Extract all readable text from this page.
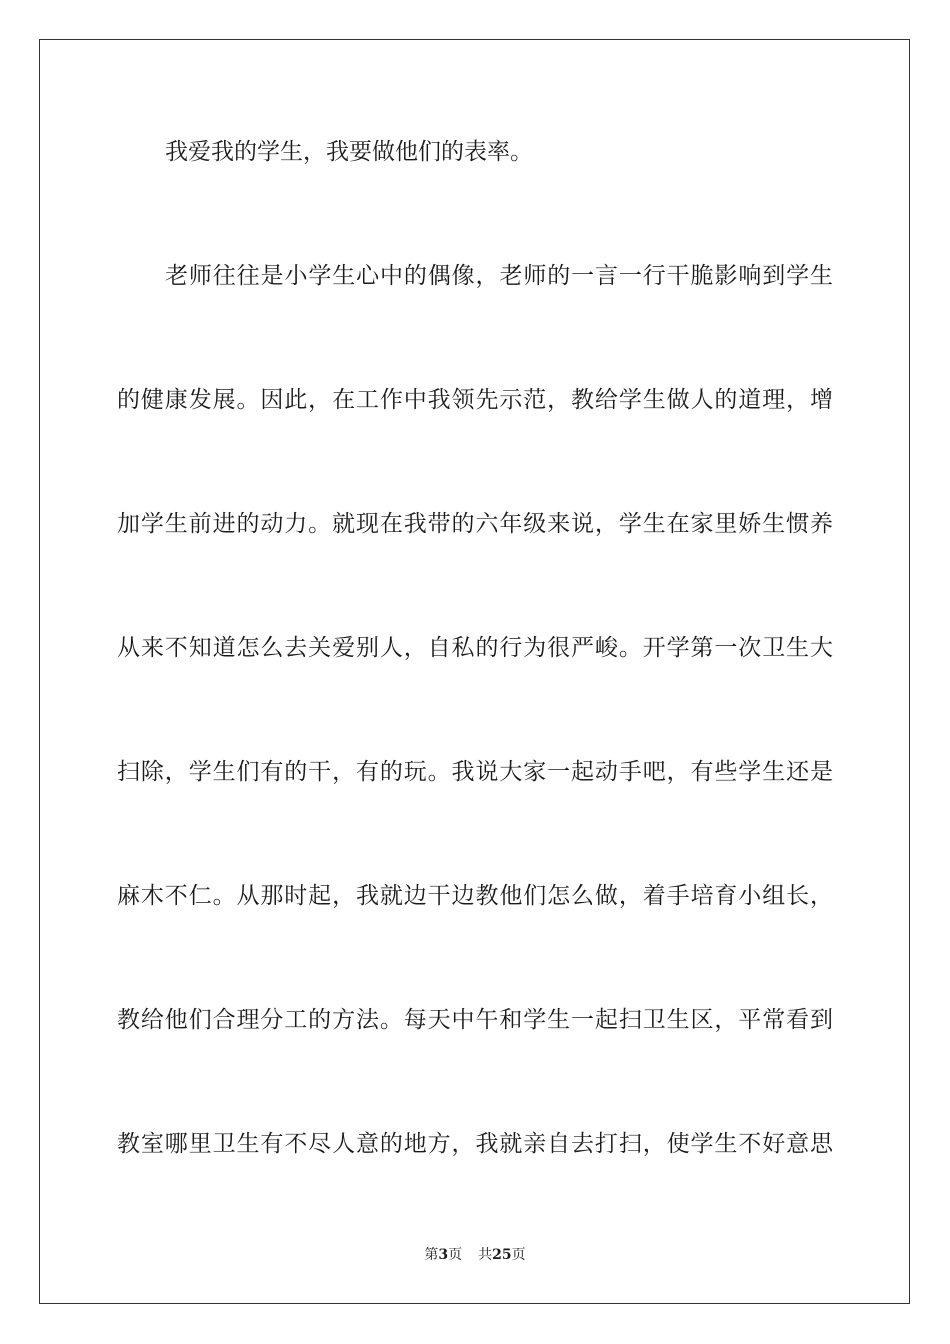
我爱我的学生，我要做他们的表率。
老师往往是小学生心中的偶像，老师的一言一行干脆影响到学生
的健康发展。因此，在工作中我领先示范，教给学生做人的道理，增
加学生前进的动力。就现在我带的六年级来说，学生在家里娇生惯养
从来不知道怎么去关爱别人，自私的行为很严峻。开学第一次卫生大
扫除，学生们有的干，有的玩。我说大家一起动手吧，有些学生还是
麻木不仁。从那时起，我就边干边教他们怎么做，着手培育小组长，
教给他们合理分工的方法。每天中午和学生一起扫卫生区，平常看到
教室哪里卫生有不尽人意的地方，我就亲自去打扫，使学生不好意思
第3页 共25页
